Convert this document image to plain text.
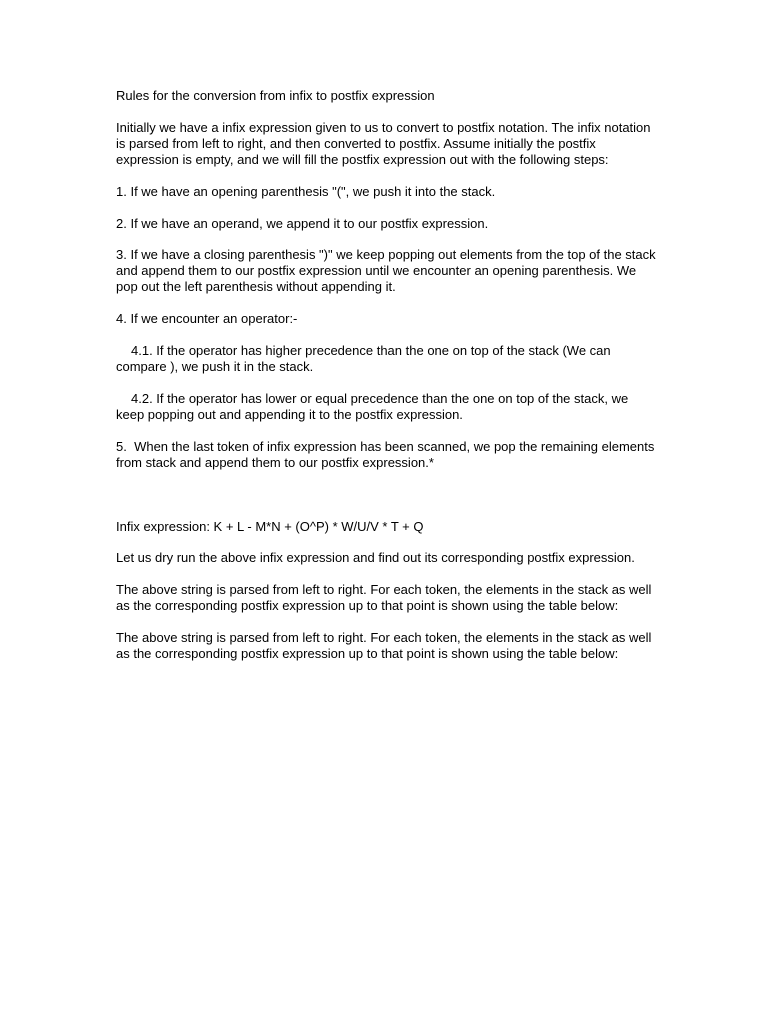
Rules for the conversion from infix to postfix expression

Initially we have a infix expression given to us to convert to postfix notation. The infix notation is parsed from left to right, and then converted to postfix. Assume initially the postfix expression is empty, and we will fill the postfix expression out with the following steps:

1. If we have an opening parenthesis "(", we push it into the stack.

2. If we have an operand, we append it to our postfix expression.

3. If we have a closing parenthesis ")" we keep popping out elements from the top of the stack and append them to our postfix expression until we encounter an opening parenthesis. We pop out the left parenthesis without appending it.

4. If we encounter an operator:-

4.1. If the operator has higher precedence than the one on top of the stack (We can compare ), we push it in the stack.

4.2. If the operator has lower or equal precedence than the one on top of the stack, we keep popping out and appending it to the postfix expression.

5.  When the last token of infix expression has been scanned, we pop the remaining elements from stack and append them to our postfix expression.*

Infix expression: K + L - M*N + (O^P) * W/U/V * T + Q

Let us dry run the above infix expression and find out its corresponding postfix expression.

The above string is parsed from left to right. For each token, the elements in the stack as well as the corresponding postfix expression up to that point is shown using the table below:

The above string is parsed from left to right. For each token, the elements in the stack as well as the corresponding postfix expression up to that point is shown using the table below:
